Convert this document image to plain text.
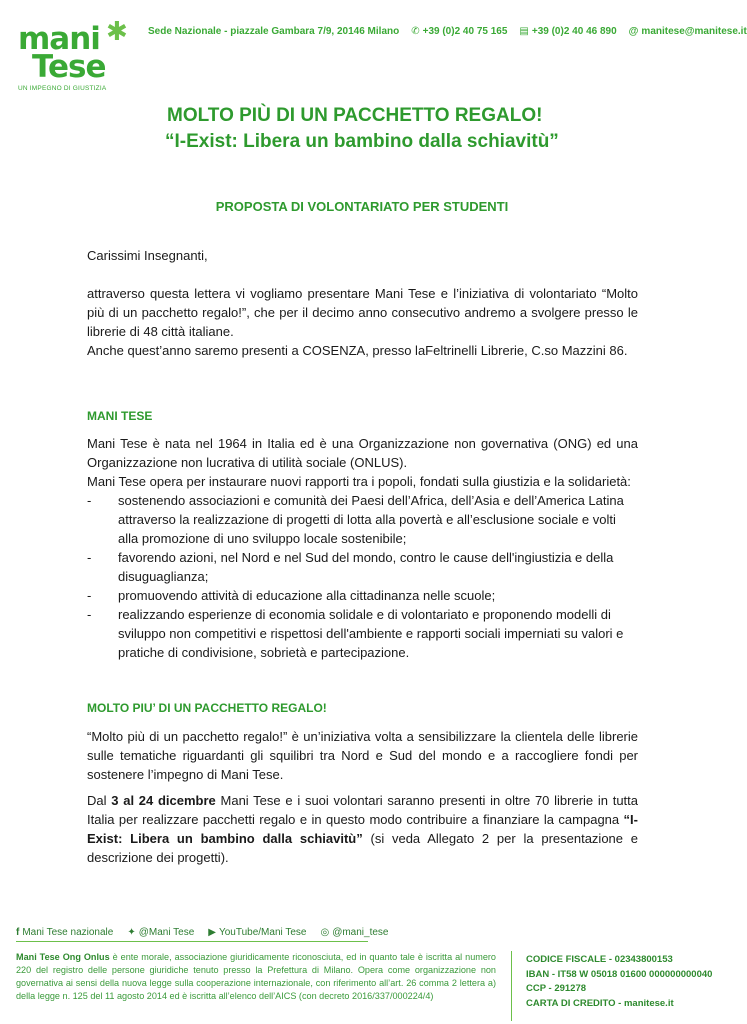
mani
Tese
✱
UN IMPEGNO DI GIUSTIZIA
Sede Nazionale - piazzale Gambara 7/9, 20146 Milano ✆ +39 (0)2 40 75 165 ▤ +39 (0)2 40 46 890 @ manitese@manitese.it
MOLTO PIÙ DI UN PACCHETTO REGALO!
“I-Exist: Libera un bambino dalla schiavitù”
PROPOSTA DI VOLONTARIATO PER STUDENTI

Carissimi Insegnanti,

attraverso questa lettera vi vogliamo presentare Mani Tese e l’iniziativa di volontariato “Molto più di un pacchetto regalo!”, che per il decimo anno consecutivo andremo a svolgere presso le librerie di 48 città italiane.

Anche quest’anno saremo presenti a COSENZA, presso laFeltrinelli Librerie, C.so Mazzini 86.

MANI TESE

Mani Tese è nata nel 1964 in Italia ed è una Organizzazione non governativa (ONG) ed una Organizzazione non lucrativa di utilità sociale (ONLUS).

Mani Tese opera per instaurare nuovi rapporti tra i popoli, fondati sulla giustizia e la solidarietà:

- sostenendo associazioni e comunità dei Paesi dell’Africa, dell’Asia e dell’America Latina attraverso la realizzazione di progetti di lotta alla povertà e all’esclusione sociale e volti alla promozione di uno sviluppo locale sostenibile;
- favorendo azioni, nel Nord e nel Sud del mondo, contro le cause dell'ingiustizia e della disuguaglianza;
- promuovendo attività di educazione alla cittadinanza nelle scuole;
- realizzando esperienze di economia solidale e di volontariato e proponendo modelli di sviluppo non competitivi e rispettosi dell'ambiente e rapporti sociali imperniati su valori e pratiche di condivisione, sobrietà e partecipazione.
MOLTO PIU’ DI UN PACCHETTO REGALO!

“Molto più di un pacchetto regalo!” è un’iniziativa volta a sensibilizzare la clientela delle librerie sulle tematiche riguardanti gli squilibri tra Nord e Sud del mondo e a raccogliere fondi per sostenere l’impegno di Mani Tese.

Dal 3 al 24 dicembre Mani Tese e i suoi volontari saranno presenti in oltre 70 librerie in tutta Italia per realizzare pacchetti regalo e in questo modo contribuire a finanziare la campagna “I-Exist: Libera un bambino dalla schiavitù” (si veda Allegato 2 per la presentazione e descrizione dei progetti).

f Mani Tese nazionale ✦ @Mani Tese ▶ YouTube/Mani Tese ◎ @mani_tese
Mani Tese Ong Onlus è ente morale, associazione giuridicamente riconosciuta, ed in quanto tale è iscritta al numero 220 del registro delle persone giuridiche tenuto presso la Prefettura di Milano. Opera come organizzazione non governativa ai sensi della nuova legge sulla cooperazione internazionale, con riferimento all’art. 26 comma 2 lettera a) della legge n. 125 del 11 agosto 2014 ed è iscritta all’elenco dell’AICS (con decreto 2016/337/000224/4)
CODICE FISCALE - 02343800153
IBAN - IT58 W 05018 01600 000000000040
CCP - 291278
CARTA DI CREDITO - manitese.it
